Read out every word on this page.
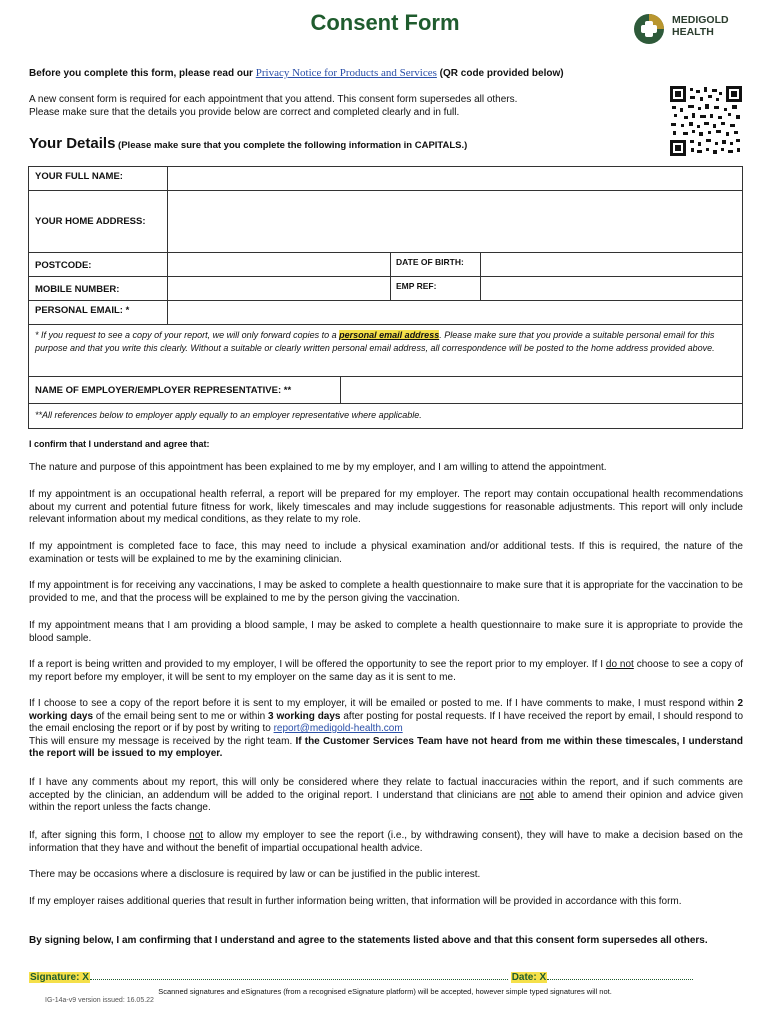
Consent Form	MEDIGOLD
HEALTH
Before you complete this form, please read our Privacy Notice for Products and Services (QR code provided below)
A new consent form is required for each appointment that you attend. This consent form supersedes all others.
Please make sure that the details you provide below are correct and completed clearly and in full.
Your Details (Please make sure that you complete the following information in CAPITALS.)
YOUR FULL NAME:
YOUR HOME ADDRESS:
POSTCODE:	DATE OF BIRTH:
MOBILE NUMBER:	EMP REF:
PERSONAL EMAIL: *
* If you request to see a copy of your report, we will only forward copies to a personal email address. Please make sure that you provide a suitable personal email for this purpose and that you write this clearly. Without a suitable or clearly written personal email address, all correspondence will be posted to the home address provided above.
NAME OF EMPLOYER/EMPLOYER REPRESENTATIVE: **
**All references below to employer apply equally to an employer representative where applicable.
I confirm that I understand and agree that:
The nature and purpose of this appointment has been explained to me by my employer, and I am willing to attend the appointment.
If my appointment is an occupational health referral, a report will be prepared for my employer. The report may contain occupational health recommendations about my current and potential future fitness for work, likely timescales and may include suggestions for reasonable adjustments. This report will only include relevant information about my medical conditions, as they relate to my role.
If my appointment is completed face to face, this may need to include a physical examination and/or additional tests. If this is required, the nature of the examination or tests will be explained to me by the examining clinician.
If my appointment is for receiving any vaccinations, I may be asked to complete a health questionnaire to make sure that it is appropriate for the vaccination to be provided to me, and that the process will be explained to me by the person giving the vaccination.
If my appointment means that I am providing a blood sample, I may be asked to complete a health questionnaire to make sure it is appropriate to provide the blood sample.
If a report is being written and provided to my employer, I will be offered the opportunity to see the report prior to my employer. If I do not choose to see a copy of my report before my employer, it will be sent to my employer on the same day as it is sent to me.
If I choose to see a copy of the report before it is sent to my employer, it will be emailed or posted to me. If I have comments to make, I must respond within 2 working days of the email being sent to me or within 3 working days after posting for postal requests. If I have received the report by email, I should respond to the email enclosing the report or if by post by writing to report@medigold-health.com
This will ensure my message is received by the right team. If the Customer Services Team have not heard from me within these timescales, I understand the report will be issued to my employer.
If I have any comments about my report, this will only be considered where they relate to factual inaccuracies within the report, and if such comments are accepted by the clinician, an addendum will be added to the original report. I understand that clinicians are not able to amend their opinion and advice given within the report unless the facts change.
If, after signing this form, I choose not to allow my employer to see the report (i.e., by withdrawing consent), they will have to make a decision based on the information that they have and without the benefit of impartial occupational health advice.
There may be occasions where a disclosure is required by law or can be justified in the public interest.
If my employer raises additional queries that result in further information being written, that information will be provided in accordance with this form.
By signing below, I am confirming that I understand and agree to the statements listed above and that this consent form supersedes all others.
Signature: X	Date: X
Scanned signatures and eSignatures (from a recognised eSignature platform) will be accepted, however simple typed signatures will not.
IG-14a-v9 version issued: 16.05.22
